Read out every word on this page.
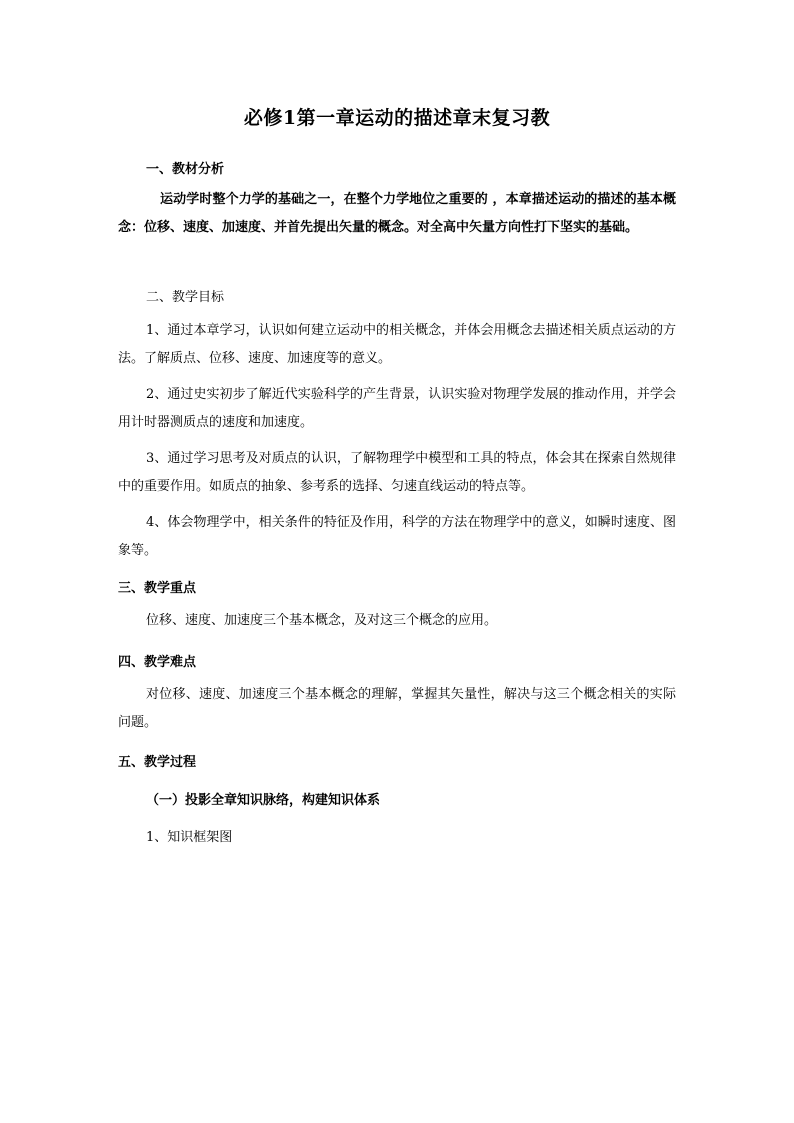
必修1第一章运动的描述章末复习教
一、教材分析
运动学时整个力学的基础之一，在整个力学地位之重要的 ，本章描述运动的描述的基本概念：位移、速度、加速度、并首先提出矢量的概念。对全高中矢量方向性打下坚实的基础。
二、教学目标
1、通过本章学习，认识如何建立运动中的相关概念，并体会用概念去描述相关质点运动的方法。了解质点、位移、速度、加速度等的意义。
2、通过史实初步了解近代实验科学的产生背景，认识实验对物理学发展的推动作用，并学会用计时器测质点的速度和加速度。
3、通过学习思考及对质点的认识，了解物理学中模型和工具的特点，体会其在探索自然规律中的重要作用。如质点的抽象、参考系的选择、匀速直线运动的特点等。
4、体会物理学中，相关条件的特征及作用，科学的方法在物理学中的意义，如瞬时速度、图象等。
三、教学重点
位移、速度、加速度三个基本概念，及对这三个概念的应用。
四、教学难点
对位移、速度、加速度三个基本概念的理解，掌握其矢量性，解决与这三个概念相关的实际问题。
五、教学过程
（一）投影全章知识脉络，构建知识体系
1、知识框架图
